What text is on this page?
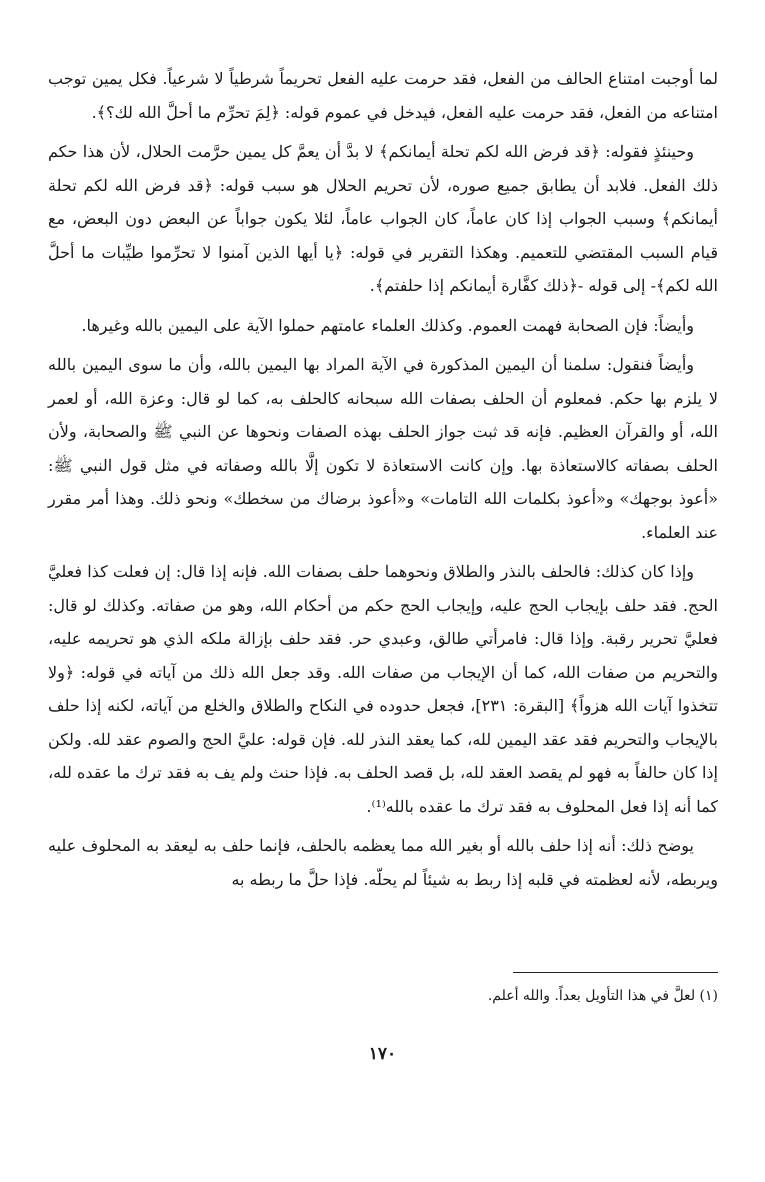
لما أوجبت امتناع الحالف من الفعل، فقد حرمت عليه الفعل تحريماً شرطياً لا شرعياً. فكل يمين توجب امتناعه من الفعل، فقد حرمت عليه الفعل، فيدخل في عموم قوله: ﴿لِمَ تحرِّم ما أحلَّ الله لك؟﴾.

وحينئذٍ فقوله: ﴿قد فرض الله لكم تحلة أيمانكم﴾ لا بدَّ أن يعمَّ كل يمين حرَّمت الحلال، لأن هذا حكم ذلك الفعل. فلابد أن يطابق جميع صوره، لأن تحريم الحلال هو سبب قوله: ﴿قد فرض الله لكم تحلة أيمانكم﴾ وسبب الجواب إذا كان عاماً، كان الجواب عاماً، لئلا يكون جواباً عن البعض دون البعض، مع قيام السبب المقتضي للتعميم. وهكذا التقرير في قوله: ﴿يا أيها الذين آمنوا لا تحرِّموا طيِّبات ما أحلَّ الله لكم﴾- إلى قوله -﴿ذلك كفَّارة أيمانكم إذا حلفتم﴾.

وأيضاً: فإن الصحابة فهمت العموم. وكذلك العلماء عامتهم حملوا الآية على اليمين بالله وغيرها.

وأيضاً فنقول: سلمنا أن اليمين المذكورة في الآية المراد بها اليمين بالله، وأن ما سوى اليمين بالله لا يلزم بها حكم. فمعلوم أن الحلف بصفات الله سبحانه كالحلف به، كما لو قال: وعزة الله، أو لعمر الله، أو والقرآن العظيم. فإنه قد ثبت جواز الحلف بهذه الصفات ونحوها عن النبي ﷺ والصحابة، ولأن الحلف بصفاته كالاستعاذة بها. وإن كانت الاستعاذة لا تكون إلَّا بالله وصفاته في مثل قول النبي ﷺ: «أعوذ بوجهك» و«أعوذ بكلمات الله التامات» و«أعوذ برضاك من سخطك» ونحو ذلك. وهذا أمر مقرر عند العلماء.

وإذا كان كذلك: فالحلف بالنذر والطلاق ونحوهما حلف بصفات الله. فإنه إذا قال: إن فعلت كذا فعليَّ الحج. فقد حلف بإيجاب الحج عليه، وإيجاب الحج حكم من أحكام الله، وهو من صفاته. وكذلك لو قال: فعليَّ تحرير رقبة. وإذا قال: فامرأتي طالق، وعبدي حر. فقد حلف بإزالة ملكه الذي هو تحريمه عليه، والتحريم من صفات الله، كما أن الإيجاب من صفات الله. وقد جعل الله ذلك من آياته في قوله: ﴿ولا تتخذوا آيات الله هزواً﴾ [البقرة: ٢٣١]، فجعل حدوده في النكاح والطلاق والخلع من آياته، لكنه إذا حلف بالإيجاب والتحريم فقد عقد اليمين لله، كما يعقد النذر لله. فإن قوله: عليَّ الحج والصوم عقد لله. ولكن إذا كان حالفاً به فهو لم يقصد العقد لله، بل قصد الحلف به. فإذا حنث ولم يف به فقد ترك ما عقده لله، كما أنه إذا فعل المحلوف به فقد ترك ما عقده بالله⁽¹⁾.

يوضح ذلك: أنه إذا حلف بالله أو بغير الله مما يعظمه بالحلف، فإنما حلف به ليعقد به المحلوف عليه ويربطه، لأنه لعظمته في قلبه إذا ربط به شيئاً لم يحلّه. فإذا حلَّ ما ربطه به

(١) لعلَّ في هذا التأويل بعداً. والله أعلم.
١٧٠
